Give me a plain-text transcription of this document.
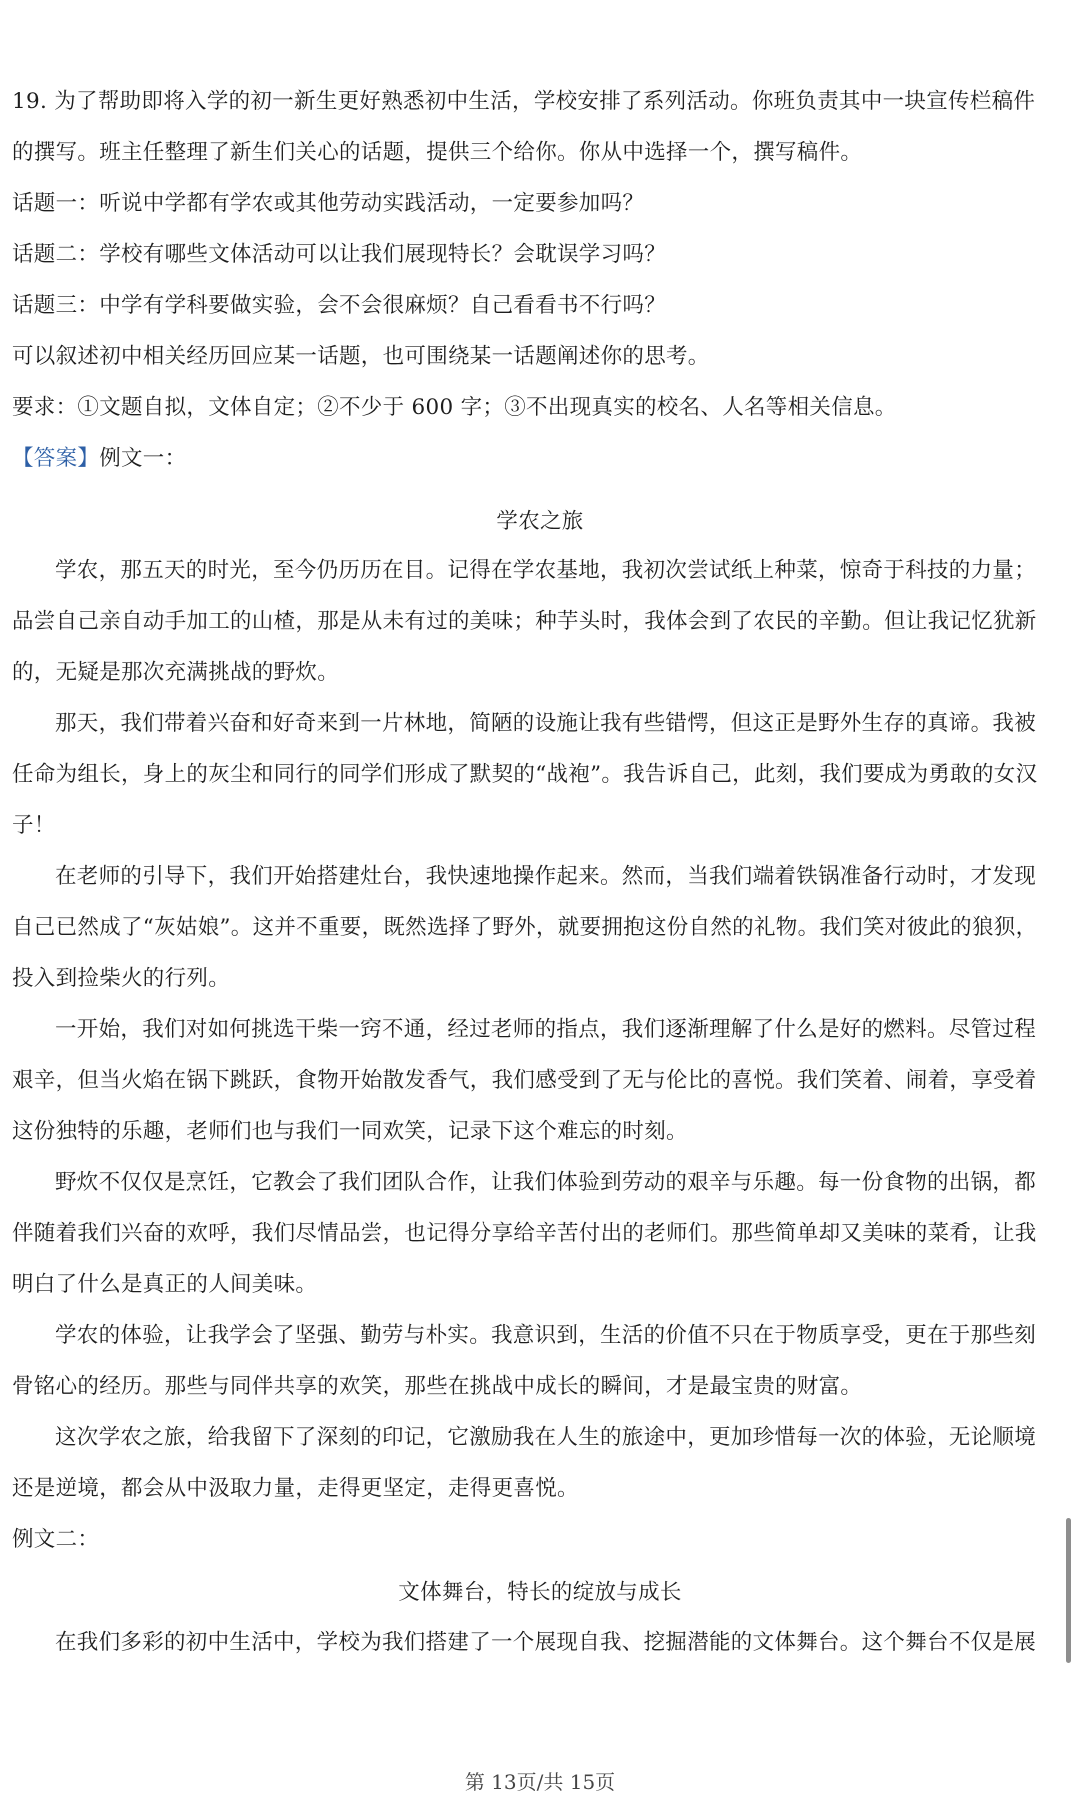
19. 为了帮助即将入学的初一新生更好熟悉初中生活，学校安排了系列活动。你班负责其中一块宣传栏稿件
的撰写。班主任整理了新生们关心的话题，提供三个给你。你从中选择一个，撰写稿件。
话题一：听说中学都有学农或其他劳动实践活动，一定要参加吗？
话题二：学校有哪些文体活动可以让我们展现特长？会耽误学习吗？
话题三：中学有学科要做实验，会不会很麻烦？自己看看书不行吗？
可以叙述初中相关经历回应某一话题，也可围绕某一话题阐述你的思考。
要求：①文题自拟，文体自定；②不少于 600 字；③不出现真实的校名、人名等相关信息。
【答案】例文一：
学农之旅
学农，那五天的时光，至今仍历历在目。记得在学农基地，我初次尝试纸上种菜，惊奇于科技的力量；
品尝自己亲自动手加工的山楂，那是从未有过的美味；种芋头时，我体会到了农民的辛勤。但让我记忆犹新
的，无疑是那次充满挑战的野炊。
那天，我们带着兴奋和好奇来到一片林地，简陋的设施让我有些错愕，但这正是野外生存的真谛。我被
任命为组长，身上的灰尘和同行的同学们形成了默契的“战袍”。我告诉自己，此刻，我们要成为勇敢的女汉
子！
在老师的引导下，我们开始搭建灶台，我快速地操作起来。然而，当我们端着铁锅准备行动时，才发现
自己已然成了“灰姑娘”。这并不重要，既然选择了野外，就要拥抱这份自然的礼物。我们笑对彼此的狼狈，
投入到捡柴火的行列。
一开始，我们对如何挑选干柴一窍不通，经过老师的指点，我们逐渐理解了什么是好的燃料。尽管过程
艰辛，但当火焰在锅下跳跃，食物开始散发香气，我们感受到了无与伦比的喜悦。我们笑着、闹着，享受着
这份独特的乐趣，老师们也与我们一同欢笑，记录下这个难忘的时刻。
野炊不仅仅是烹饪，它教会了我们团队合作，让我们体验到劳动的艰辛与乐趣。每一份食物的出锅，都
伴随着我们兴奋的欢呼，我们尽情品尝，也记得分享给辛苦付出的老师们。那些简单却又美味的菜肴，让我
明白了什么是真正的人间美味。
学农的体验，让我学会了坚强、勤劳与朴实。我意识到，生活的价值不只在于物质享受，更在于那些刻
骨铭心的经历。那些与同伴共享的欢笑，那些在挑战中成长的瞬间，才是最宝贵的财富。
这次学农之旅，给我留下了深刻的印记，它激励我在人生的旅途中，更加珍惜每一次的体验，无论顺境
还是逆境，都会从中汲取力量，走得更坚定，走得更喜悦。
例文二：
文体舞台，特长的绽放与成长
在我们多彩的初中生活中，学校为我们搭建了一个展现自我、挖掘潜能的文体舞台。这个舞台不仅是展
第 13页/共 15页
